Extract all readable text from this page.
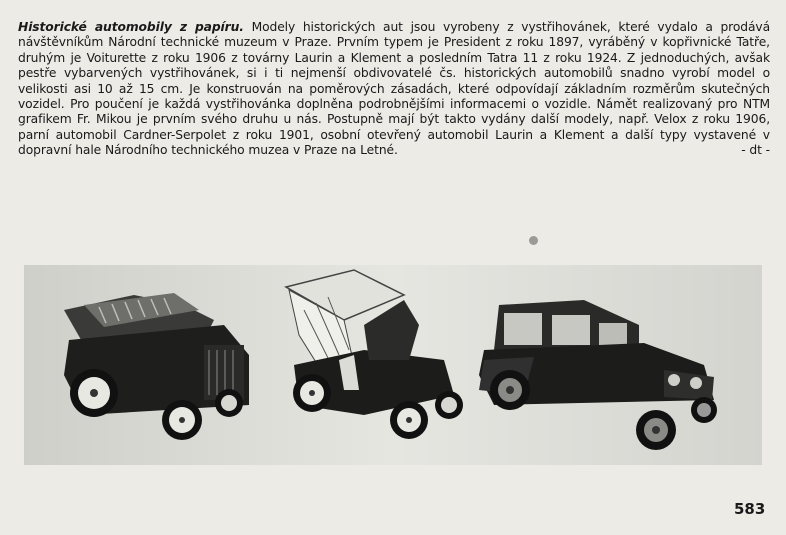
Historické automobily z papíru. Modely historických aut jsou vyrobeny z vystřihovánek, které vydalo a prodává návštěvníkům Národní technické muzeum v Praze. Prvním typem je President z roku 1897, vyráběný v kopřivnické Tatře, druhým je Voiturette z roku 1906 z továrny Laurin a Klement a posledním Tatra 11 z roku 1924. Z jednoduchých, avšak pestře vybarvených vystřihovánek, si i ti nejmenší obdivovatelé čs. historických automobilů snadno vyrobí model o velikosti asi 10 až 15 cm. Je konstruován na poměrových zásadách, které odpovídají základním rozměrům skutečných vozidel. Pro poučení je každá vystřihovánka doplněna podrobnějšími informacemi o vozidle. Námět realizovaný pro NTM grafikem Fr. Mikou je prvním svého druhu u nás. Postupně mají být takto vydány další modely, např. Velox z roku 1906, parní automobil Cardner-Serpolet z roku 1901, osobní otevřený automobil Laurin a Klement a další typy vystavené v dopravní hale Národního technického muzea v Praze na Letné.	- dt -
583
